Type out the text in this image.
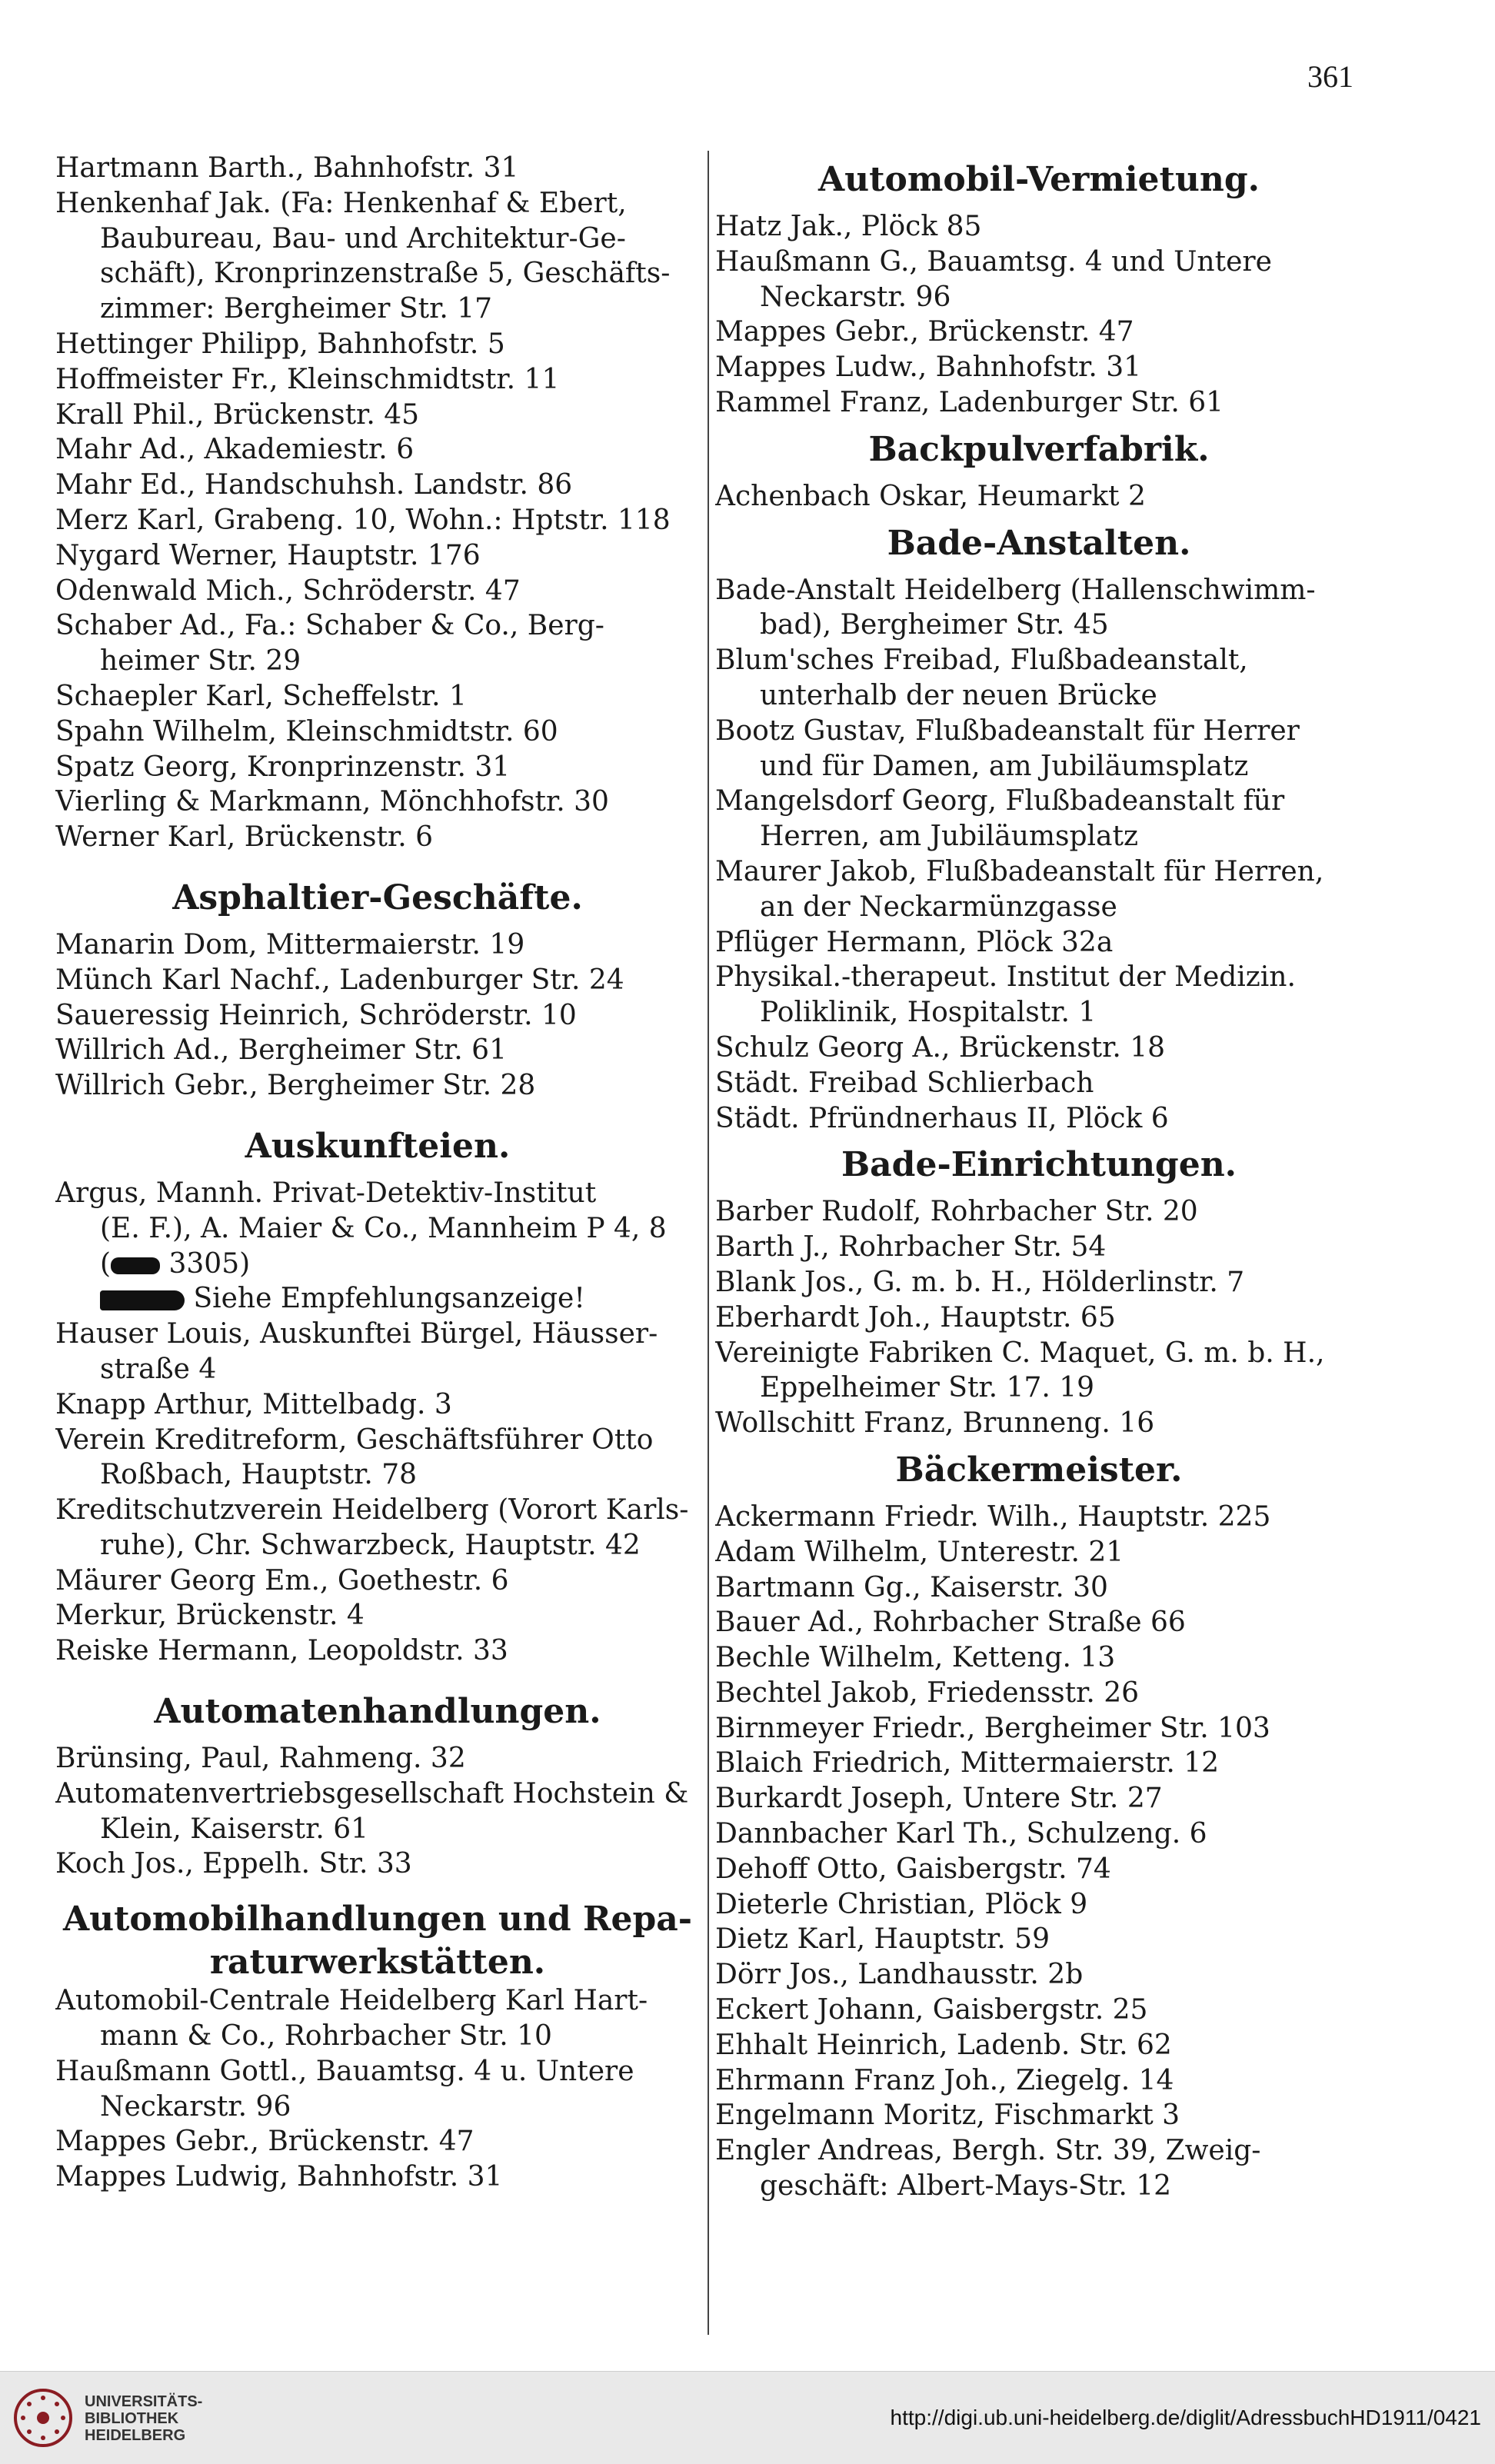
361
Hartmann Barth., Bahnhofstr. 31
Henkenhaf Jak. (Fa: Henkenhaf & Ebert,
Baubureau, Bau- und Architektur-Ge-
schäft), Kronprinzenstraße 5, Geschäfts-
zimmer: Bergheimer Str. 17
Hettinger Philipp, Bahnhofstr. 5
Hoffmeister Fr., Kleinschmidtstr. 11
Krall Phil., Brückenstr. 45
Mahr Ad., Akademiestr. 6
Mahr Ed., Handschuhsh. Landstr. 86
Merz Karl, Grabeng. 10, Wohn.: Hptstr. 118
Nygard Werner, Hauptstr. 176
Odenwald Mich., Schröderstr. 47
Schaber Ad., Fa.: Schaber & Co., Berg-
heimer Str. 29
Schaepler Karl, Scheffelstr. 1
Spahn Wilhelm, Kleinschmidtstr. 60
Spatz Georg, Kronprinzenstr. 31
Vierling & Markmann, Mönchhofstr. 30
Werner Karl, Brückenstr. 6
Asphaltier-Geschäfte.
Manarin Dom, Mittermaierstr. 19
Münch Karl Nachf., Ladenburger Str. 24
Saueressig Heinrich, Schröderstr. 10
Willrich Ad., Bergheimer Str. 61
Willrich Gebr., Bergheimer Str. 28
Auskunfteien.
Argus, Mannh. Privat-Detektiv-Institut
(E. F.), A. Maier & Co., Mannheim P 4, 8
( 3305)
Siehe Empfehlungsanzeige!
Hauser Louis, Auskunftei Bürgel, Häusser-
straße 4
Knapp Arthur, Mittelbadg. 3
Verein Kreditreform, Geschäftsführer Otto
Roßbach, Hauptstr. 78
Kreditschutzverein Heidelberg (Vorort Karls-
ruhe), Chr. Schwarzbeck, Hauptstr. 42
Mäurer Georg Em., Goethestr. 6
Merkur, Brückenstr. 4
Reiske Hermann, Leopoldstr. 33
Automatenhandlungen.
Brünsing, Paul, Rahmeng. 32
Automatenvertriebsgesellschaft Hochstein &
Klein, Kaiserstr. 61
Koch Jos., Eppelh. Str. 33
Automobilhandlungen und Repa-
raturwerkstätten.
Automobil-Centrale Heidelberg Karl Hart-
mann & Co., Rohrbacher Str. 10
Haußmann Gottl., Bauamtsg. 4 u. Untere
Neckarstr. 96
Mappes Gebr., Brückenstr. 47
Mappes Ludwig, Bahnhofstr. 31
Automobil-Vermietung.
Hatz Jak., Plöck 85
Haußmann G., Bauamtsg. 4 und Untere
Neckarstr. 96
Mappes Gebr., Brückenstr. 47
Mappes Ludw., Bahnhofstr. 31
Rammel Franz, Ladenburger Str. 61
Backpulverfabrik.
Achenbach Oskar, Heumarkt 2
Bade-Anstalten.
Bade-Anstalt Heidelberg (Hallenschwimm-
bad), Bergheimer Str. 45
Blum'sches Freibad, Flußbadeanstalt,
unterhalb der neuen Brücke
Bootz Gustav, Flußbadeanstalt für Herrer
und für Damen, am Jubiläumsplatz
Mangelsdorf Georg, Flußbadeanstalt für
Herren, am Jubiläumsplatz
Maurer Jakob, Flußbadeanstalt für Herren,
an der Neckarmünzgasse
Pflüger Hermann, Plöck 32a
Physikal.-therapeut. Institut der Medizin.
Poliklinik, Hospitalstr. 1
Schulz Georg A., Brückenstr. 18
Städt. Freibad Schlierbach
Städt. Pfründnerhaus II, Plöck 6
Bade-Einrichtungen.
Barber Rudolf, Rohrbacher Str. 20
Barth J., Rohrbacher Str. 54
Blank Jos., G. m. b. H., Hölderlinstr. 7
Eberhardt Joh., Hauptstr. 65
Vereinigte Fabriken C. Maquet, G. m. b. H.,
Eppelheimer Str. 17. 19
Wollschitt Franz, Brunneng. 16
Bäckermeister.
Ackermann Friedr. Wilh., Hauptstr. 225
Adam Wilhelm, Unterestr. 21
Bartmann Gg., Kaiserstr. 30
Bauer Ad., Rohrbacher Straße 66
Bechle Wilhelm, Ketteng. 13
Bechtel Jakob, Friedensstr. 26
Birnmeyer Friedr., Bergheimer Str. 103
Blaich Friedrich, Mittermaierstr. 12
Burkardt Joseph, Untere Str. 27
Dannbacher Karl Th., Schulzeng. 6
Dehoff Otto, Gaisbergstr. 74
Dieterle Christian, Plöck 9
Dietz Karl, Hauptstr. 59
Dörr Jos., Landhausstr. 2b
Eckert Johann, Gaisbergstr. 25
Ehhalt Heinrich, Ladenb. Str. 62
Ehrmann Franz Joh., Ziegelg. 14
Engelmann Moritz, Fischmarkt 3
Engler Andreas, Bergh. Str. 39, Zweig-
geschäft: Albert-Mays-Str. 12
UNIVERSITÄTS-
BIBLIOTHEK
HEIDELBERG
http://digi.ub.uni-heidelberg.de/diglit/AdressbuchHD1911/0421
